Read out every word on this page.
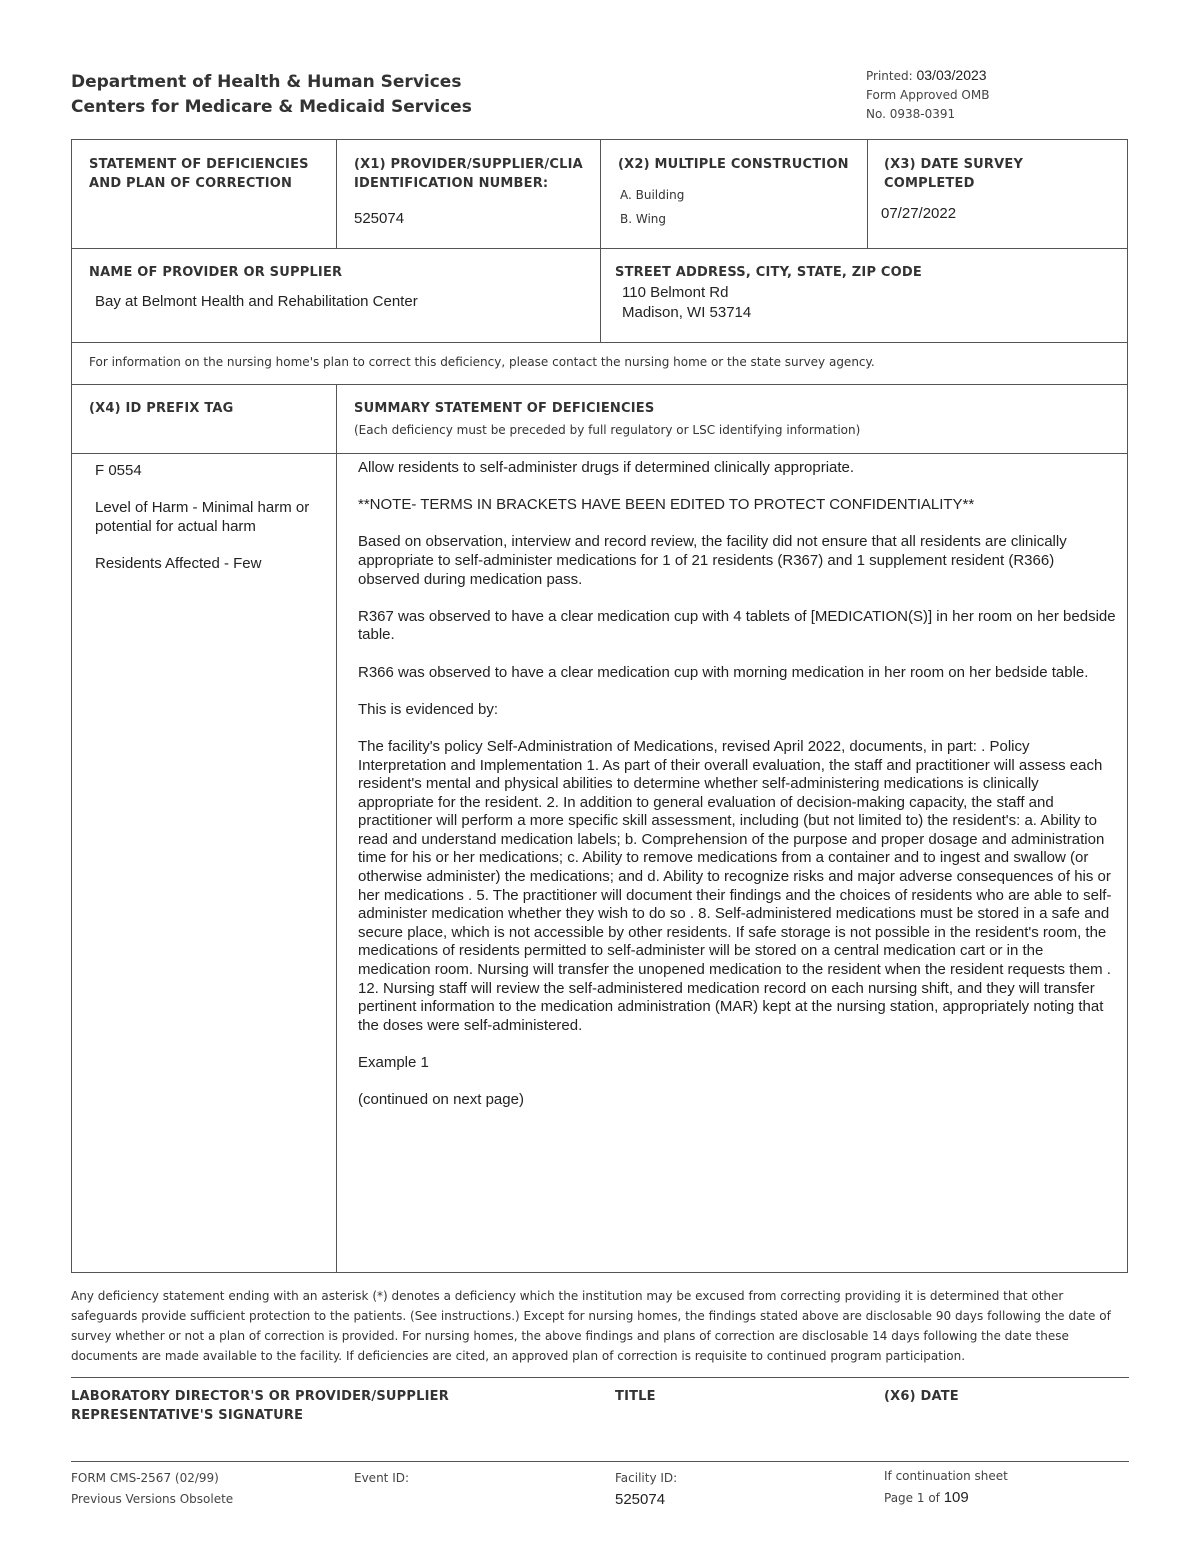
Department of Health & Human Services
Centers for Medicare & Medicaid Services
Printed: 03/03/2023
Form Approved OMB
No. 0938-0391
STATEMENT OF DEFICIENCIES AND PLAN OF CORRECTION
(X1) PROVIDER/SUPPLIER/CLIA IDENTIFICATION NUMBER:
525074
(X2) MULTIPLE CONSTRUCTION
A. Building
B. Wing
(X3) DATE SURVEY COMPLETED
07/27/2022
NAME OF PROVIDER OR SUPPLIER
Bay at Belmont Health and Rehabilitation Center
STREET ADDRESS, CITY, STATE, ZIP CODE
110 Belmont Rd
Madison, WI 53714
For information on the nursing home's plan to correct this deficiency, please contact the nursing home or the state survey agency.
(X4) ID PREFIX TAG	SUMMARY STATEMENT OF DEFICIENCIES
(Each deficiency must be preceded by full regulatory or LSC identifying information)

F 0554

Level of Harm - Minimal harm or potential for actual harm

Residents Affected - Few

Allow residents to self-administer drugs if determined clinically appropriate.

**NOTE- TERMS IN BRACKETS HAVE BEEN EDITED TO PROTECT CONFIDENTIALITY**

Based on observation, interview and record review, the facility did not ensure that all residents are clinically appropriate to self-administer medications for 1 of 21 residents (R367) and 1 supplement resident (R366) observed during medication pass.

R367 was observed to have a clear medication cup with 4 tablets of [MEDICATION(S)] in her room on her bedside table.

R366 was observed to have a clear medication cup with morning medication in her room on her bedside table.

This is evidenced by:

The facility's policy Self-Administration of Medications, revised April 2022, documents, in part: . Policy Interpretation and Implementation 1. As part of their overall evaluation, the staff and practitioner will assess each resident's mental and physical abilities to determine whether self-administering medications is clinically appropriate for the resident. 2. In addition to general evaluation of decision-making capacity, the staff and practitioner will perform a more specific skill assessment, including (but not limited to) the resident's: a. Ability to read and understand medication labels; b. Comprehension of the purpose and proper dosage and administration time for his or her medications; c. Ability to remove medications from a container and to ingest and swallow (or otherwise administer) the medications; and d. Ability to recognize risks and major adverse consequences of his or her medications . 5. The practitioner will document their findings and the choices of residents who are able to self-administer medication whether they wish to do so . 8. Self-administered medications must be stored in a safe and secure place, which is not accessible by other residents. If safe storage is not possible in the resident's room, the medications of residents permitted to self-administer will be stored on a central medication cart or in the medication room. Nursing will transfer the unopened medication to the resident when the resident requests them . 12. Nursing staff will review the self-administered medication record on each nursing shift, and they will transfer pertinent information to the medication administration (MAR) kept at the nursing station, appropriately noting that the doses were self-administered.

Example 1

(continued on next page)

Any deficiency statement ending with an asterisk (*) denotes a deficiency which the institution may be excused from correcting providing it is determined that other safeguards provide sufficient protection to the patients. (See instructions.) Except for nursing homes, the findings stated above are disclosable 90 days following the date of survey whether or not a plan of correction is provided. For nursing homes, the above findings and plans of correction are disclosable 14 days following the date these documents are made available to the facility. If deficiencies are cited, an approved plan of correction is requisite to continued program participation.
LABORATORY DIRECTOR'S OR PROVIDER/SUPPLIER REPRESENTATIVE'S SIGNATURE
TITLE	(X6) DATE
FORM CMS-2567 (02/99)
Previous Versions Obsolete
Event ID:	Facility ID:
525074
If continuation sheet
Page 1 of 109
